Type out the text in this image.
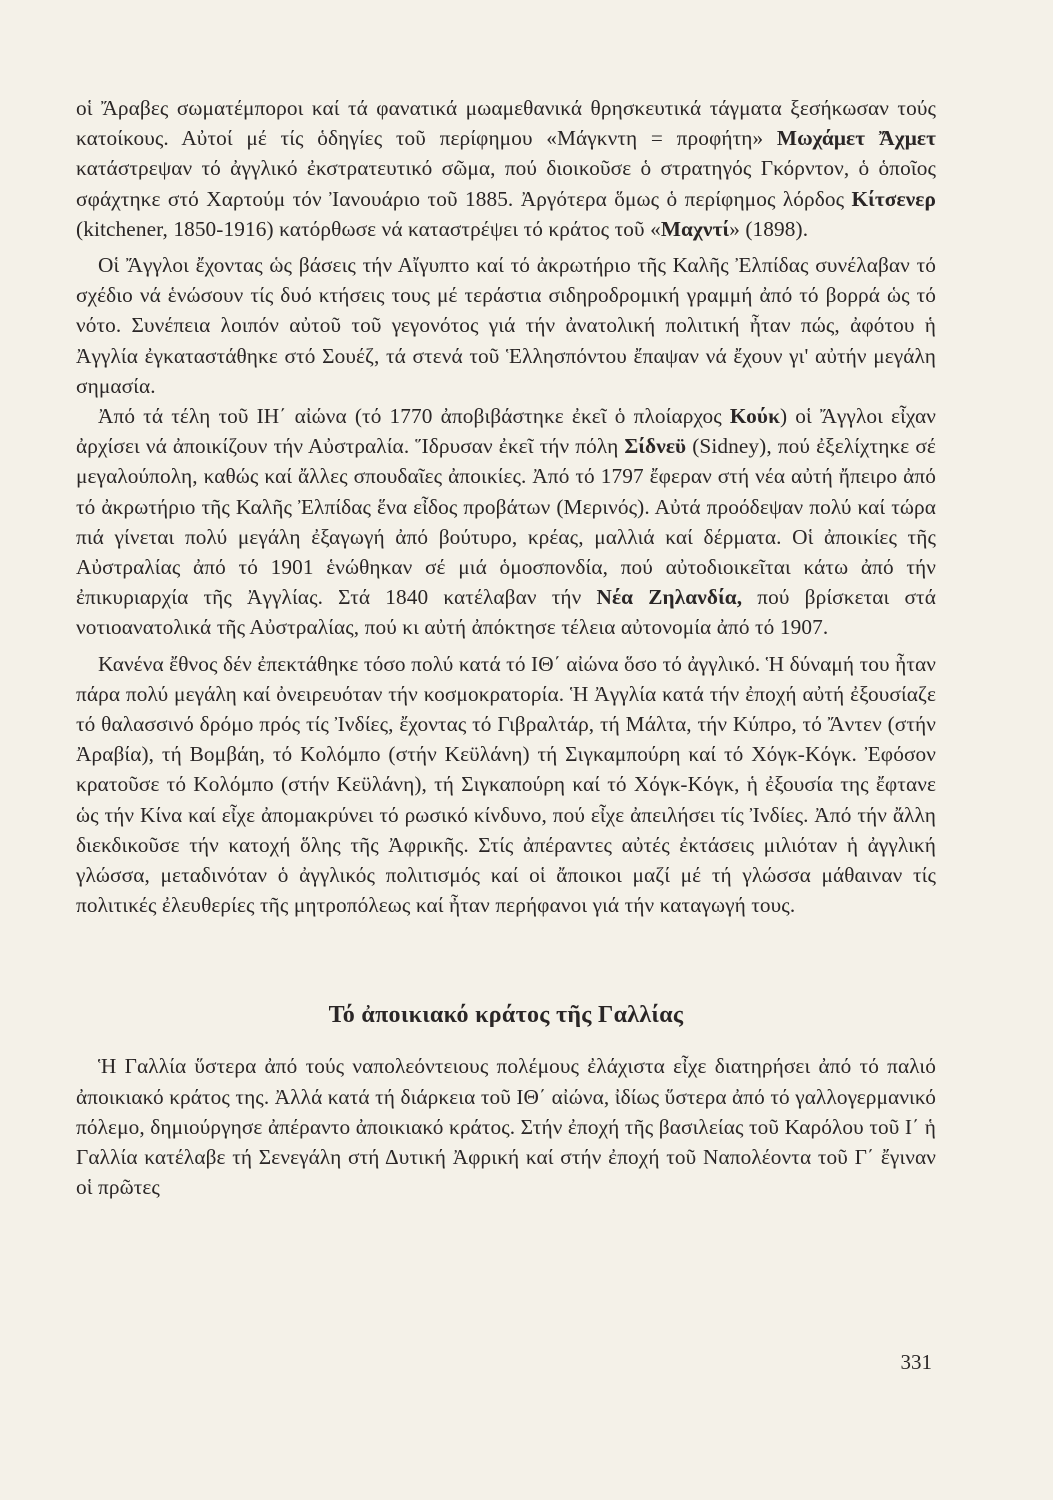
οἱ Ἄραβες σωματέμποροι καί τά φανατικά μωαμεθανικά θρησκευτικά τάγματα ξεσήκωσαν τούς κατοίκους. Αὐτοί μέ τίς ὁδηγίες τοῦ περίφημου «Μάγκντη = προφήτη» Μωχάμετ Ἄχμετ κατάστρεψαν τό ἀγγλικό ἐκστρατευτικό σῶμα, πού διοικοῦσε ὁ στρατηγός Γκόρντον, ὁ ὁποῖος σφάχτηκε στό Χαρτούμ τόν Ἰανουάριο τοῦ 1885. Ἀργότερα ὅμως ὁ περίφημος λόρδος Κίτσενερ (kitchener, 1850-1916) κατόρθωσε νά καταστρέψει τό κράτος τοῦ «Μαχντί» (1898).

Οἱ Ἄγγλοι ἔχοντας ὡς βάσεις τήν Αἴγυπτο καί τό ἀκρωτήριο τῆς Καλῆς Ἐλπίδας συνέλαβαν τό σχέδιο νά ἑνώσουν τίς δυό κτήσεις τους μέ τεράστια σιδηροδρομική γραμμή ἀπό τό βορρά ὡς τό νότο. Συνέπεια λοιπόν αὐτοῦ τοῦ γεγονότος γιά τήν ἀνατολική πολιτική ἦταν πώς, ἀφότου ἡ Ἀγγλία ἐγκαταστάθηκε στό Σουέζ, τά στενά τοῦ Ἑλλησπόντου ἔπαψαν νά ἔχουν γι' αὐτήν μεγάλη σημασία.

Ἀπό τά τέλη τοῦ ΙΗ΄ αἰώνα (τό 1770 ἀποβιβάστηκε ἐκεῖ ὁ πλοίαρχος Κούκ) οἱ Ἄγγλοι εἶχαν ἀρχίσει νά ἀποικίζουν τήν Αὐστραλία. Ἵδρυσαν ἐκεῖ τήν πόλη Σίδνεϋ (Sidney), πού ἐξελίχτηκε σέ μεγαλούπολη, καθώς καί ἄλλες σπουδαῖες ἀποικίες. Ἀπό τό 1797 ἔφεραν στή νέα αὐτή ἤπειρο ἀπό τό ἀκρωτήριο τῆς Καλῆς Ἐλπίδας ἕνα εἶδος προβάτων (Μερινός). Αὐτά προόδεψαν πολύ καί τώρα πιά γίνεται πολύ μεγάλη ἐξαγωγή ἀπό βούτυρο, κρέας, μαλλιά καί δέρματα. Οἱ ἀποικίες τῆς Αὐστραλίας ἀπό τό 1901 ἑνώθηκαν σέ μιά ὁμοσπονδία, πού αὐτοδιοικεῖται κάτω ἀπό τήν ἐπικυριαρχία τῆς Ἀγγλίας. Στά 1840 κατέλαβαν τήν Νέα Ζηλανδία, πού βρίσκεται στά νοτιοανατολικά τῆς Αὐστραλίας, πού κι αὐτή ἀπόκτησε τέλεια αὐτονομία ἀπό τό 1907.

Κανένα ἔθνος δέν ἐπεκτάθηκε τόσο πολύ κατά τό ΙΘ΄ αἰώνα ὅσο τό ἀγγλικό. Ἡ δύναμή του ἦταν πάρα πολύ μεγάλη καί ὀνειρευόταν τήν κοσμοκρατορία. Ἡ Ἀγγλία κατά τήν ἐποχή αὐτή ἐξουσίαζε τό θαλασσινό δρόμο πρός τίς Ἰνδίες, ἔχοντας τό Γιβραλτάρ, τή Μάλτα, τήν Κύπρο, τό Ἄντεν (στήν Ἀραβία), τή Βομβάη, τό Κολόμπο (στήν Κεϋλάνη) τή Σιγκαμπούρη καί τό Χόγκ-Κόγκ. Ἐφόσον κρατοῦσε τό Κολόμπο (στήν Κεϋλάνη), τή Σιγκαπούρη καί τό Χόγκ-Κόγκ, ἡ ἐξουσία της ἔφτανε ὡς τήν Κίνα καί εἶχε ἀπομακρύνει τό ρωσικό κίνδυνο, πού εἶχε ἀπειλήσει τίς Ἰνδίες. Ἀπό τήν ἄλλη διεκδικοῦσε τήν κατοχή ὅλης τῆς Ἀφρικῆς. Στίς ἀπέραντες αὐτές ἐκτάσεις μιλιόταν ἡ ἀγγλική γλώσσα, μεταδινόταν ὁ ἀγγλικός πολιτισμός καί οἱ ἄποικοι μαζί μέ τή γλώσσα μάθαιναν τίς πολιτικές ἐλευθερίες τῆς μητροπόλεως καί ἦταν περήφανοι γιά τήν καταγωγή τους.

Τό ἀποικιακό κράτος τῆς Γαλλίας

Ἡ Γαλλία ὕστερα ἀπό τούς ναπολεόντειους πολέμους ἐλάχιστα εἶχε διατηρήσει ἀπό τό παλιό ἀποικιακό κράτος της. Ἀλλά κατά τή διάρκεια τοῦ ΙΘ΄ αἰώνα, ἰδίως ὕστερα ἀπό τό γαλλογερμανικό πόλεμο, δημιούργησε ἀπέραντο ἀποικιακό κράτος. Στήν ἐποχή τῆς βασιλείας τοῦ Καρόλου τοῦ Ι΄ ἡ Γαλλία κατέλαβε τή Σενεγάλη στή Δυτική Ἀφρική καί στήν ἐποχή τοῦ Ναπολέοντα τοῦ Γ΄ ἔγιναν οἱ πρῶτες

331
